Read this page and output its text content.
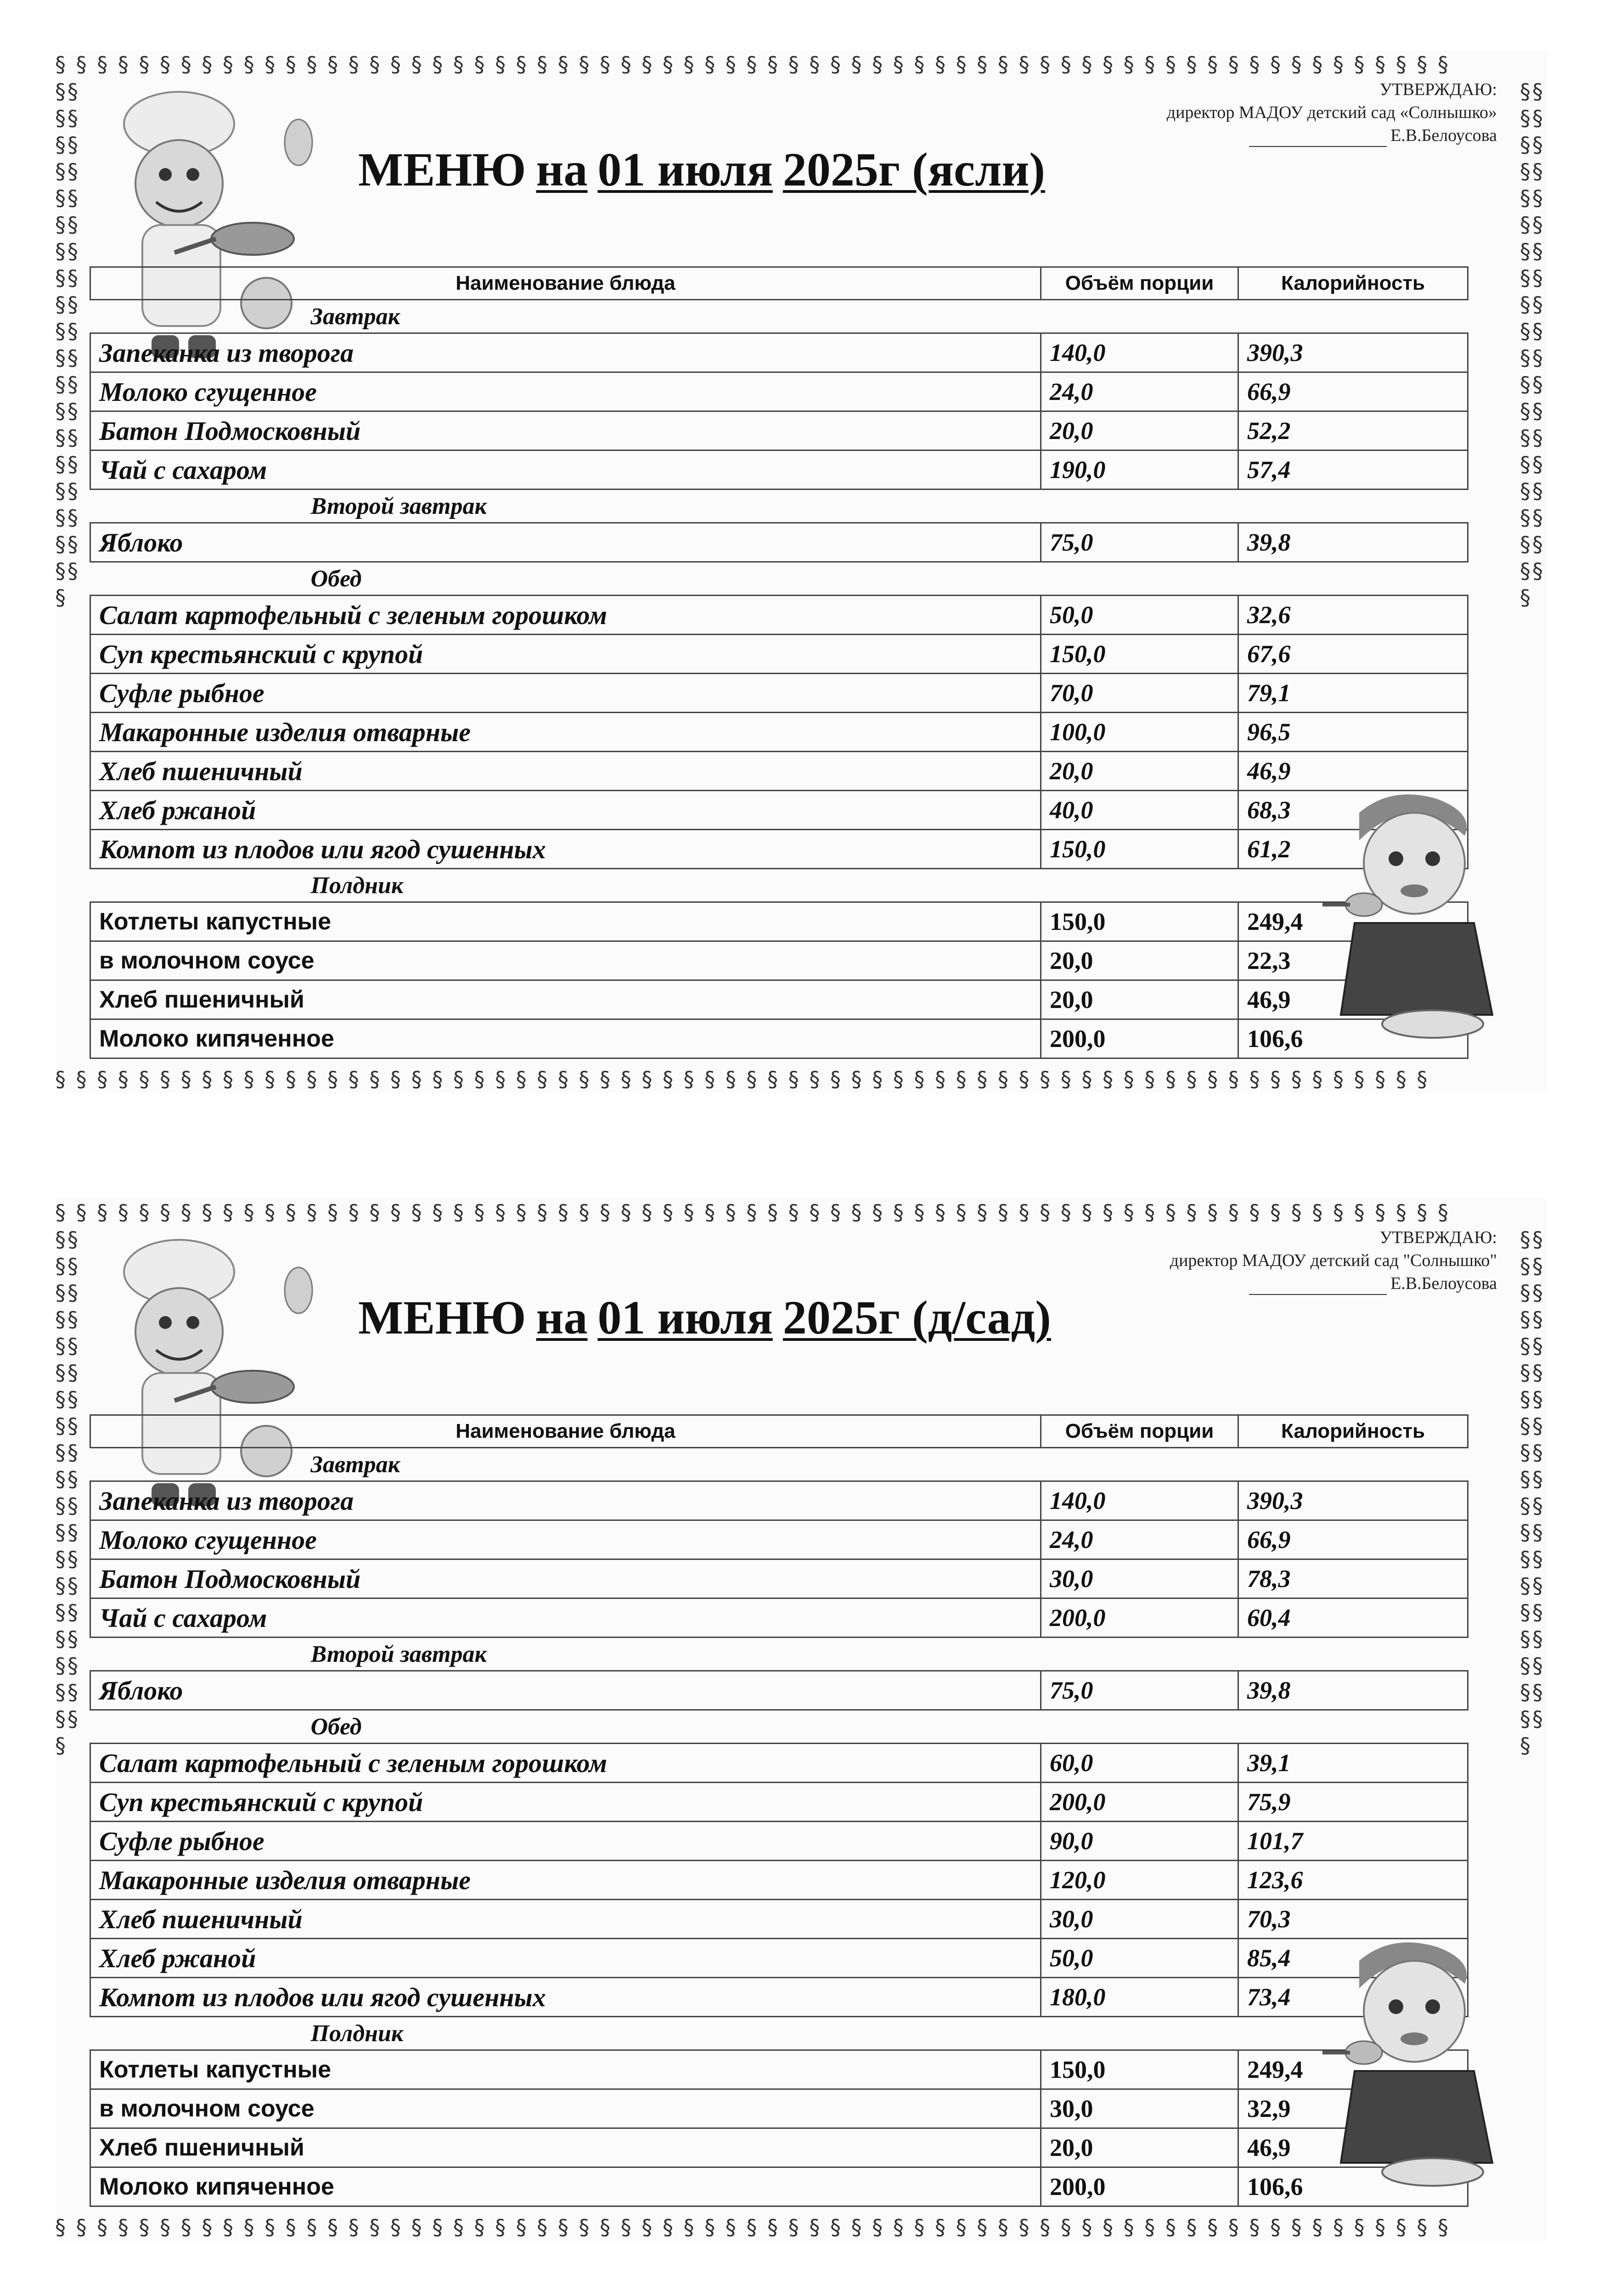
§ § § § § § § § § § § § § § § § § § § § § § § § § § § § § § § § § § § § § § § § § § § § § § § § § § § § § § § § § § § § § § § § § § §
§ § § § § § § § § § § § § § § § § § § § § § § § § § § § § § § § § § § § § § § § § § § § § § § § § § § § § § § § § § § § § § § § § §
§§§§§§§§§§§§§§§§§§§§§§§§§§§§§§§§§§§§§§§
§§§§§§§§§§§§§§§§§§§§§§§§§§§§§§§§§§§§§§§
УТВЕРЖДАЮ:
директор МАДОУ детский сад «Солнышко»
Е.В.Белоусова
МЕНЮ на 01 июля 2025г (ясли)
Наименование блюда	Объём порции	Калорийность
Завтрак		
Запеканка из творога	140,0	390,3
Молоко сгущенное	24,0	66,9
Батон Подмосковный	20,0	52,2
Чай с сахаром	190,0	57,4
Второй завтрак		
Яблоко	75,0	39,8
Обед		
Салат картофельный с зеленым горошком	50,0	32,6
Суп крестьянский с крупой	150,0	67,6
Суфле рыбное	70,0	79,1
Макаронные изделия отварные	100,0	96,5
Хлеб пшеничный	20,0	46,9
Хлеб ржаной	40,0	68,3
Компот из плодов или ягод сушенных	150,0	61,2
Полдник		
Котлеты капустные	150,0	249,4
в молочном соусе	20,0	22,3
Хлеб пшеничный	20,0	46,9
Молоко кипяченное	200,0	106,6
§ § § § § § § § § § § § § § § § § § § § § § § § § § § § § § § § § § § § § § § § § § § § § § § § § § § § § § § § § § § § § § § § § § §
§ § § § § § § § § § § § § § § § § § § § § § § § § § § § § § § § § § § § § § § § § § § § § § § § § § § § § § § § § § § § § § § § § § §
§§§§§§§§§§§§§§§§§§§§§§§§§§§§§§§§§§§§§§§
§§§§§§§§§§§§§§§§§§§§§§§§§§§§§§§§§§§§§§§
УТВЕРЖДАЮ:
директор МАДОУ детский сад "Солнышко"
Е.В.Белоусова
МЕНЮ на 01 июля 2025г (д/сад)
Наименование блюда	Объём порции	Калорийность
Завтрак		
Запеканка из творога	140,0	390,3
Молоко сгущенное	24,0	66,9
Батон Подмосковный	30,0	78,3
Чай с сахаром	200,0	60,4
Второй завтрак		
Яблоко	75,0	39,8
Обед		
Салат картофельный с зеленым горошком	60,0	39,1
Суп крестьянский с крупой	200,0	75,9
Суфле рыбное	90,0	101,7
Макаронные изделия отварные	120,0	123,6
Хлеб пшеничный	30,0	70,3
Хлеб ржаной	50,0	85,4
Компот из плодов или ягод сушенных	180,0	73,4
Полдник		
Котлеты капустные	150,0	249,4
в молочном соусе	30,0	32,9
Хлеб пшеничный	20,0	46,9
Молоко кипяченное	200,0	106,6
